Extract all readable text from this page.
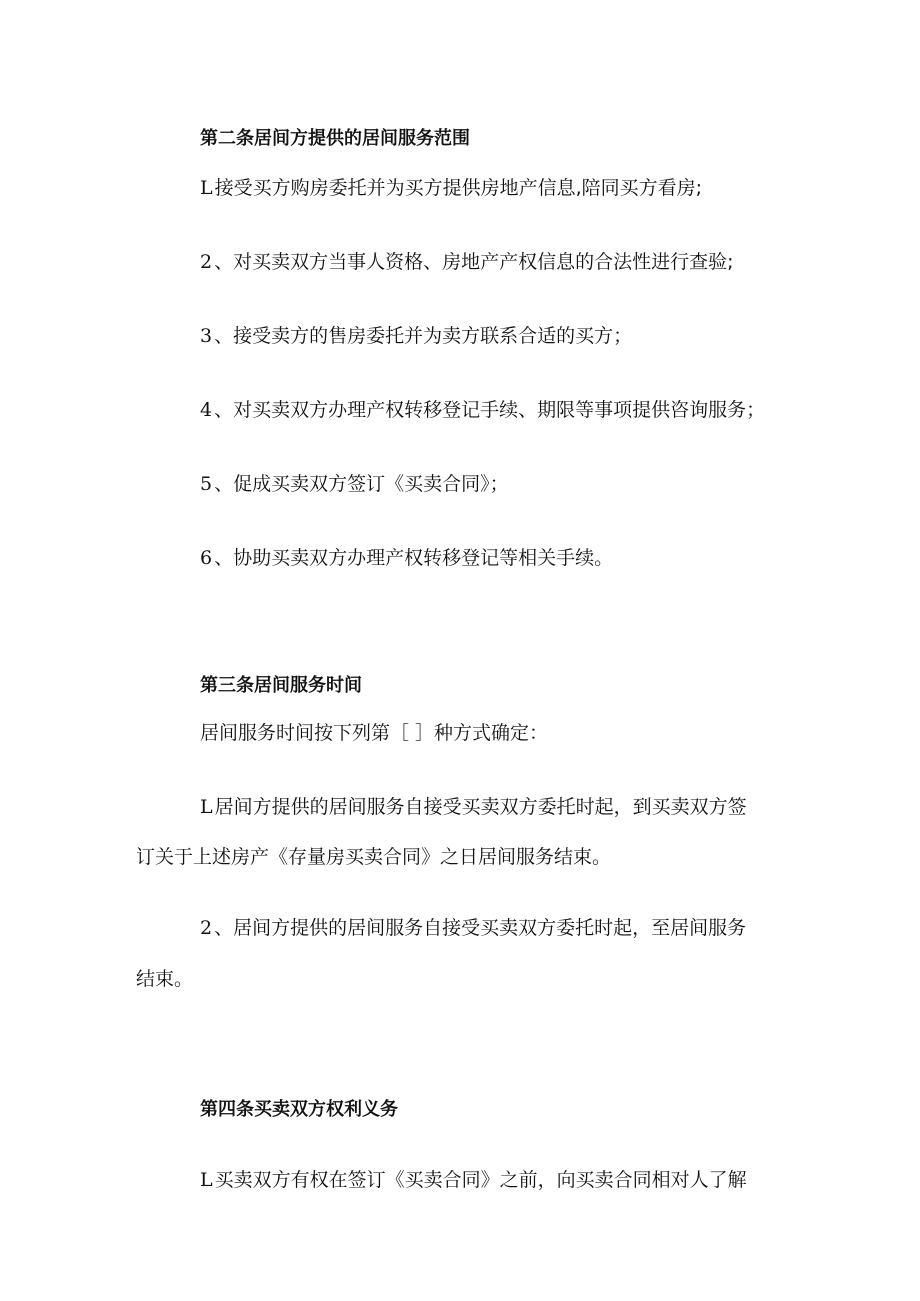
第二条居间方提供的居间服务范围
L 接受买方购房委托并为买方提供房地产信息,陪同买方看房;
2 、对买卖双方当事人资格、房地产产权信息的合法性进行查验;
3 、接受卖方的售房委托并为卖方联系合适的买方；
4 、对买卖双方办理产权转移登记手续、期限等事项提供咨询服务；
5 、促成买卖双方签订《买卖合同》；
6 、协助买卖双方办理产权转移登记等相关手续。
第三条居间服务时间
居间服务时间按下列第［ ］种方式确定：
L 居间方提供的居间服务自接受买卖双方委托时起，到买卖双方签
订关于上述房产《存量房买卖合同》之日居间服务结束。
2 、居间方提供的居间服务自接受买卖双方委托时起，至居间服务
结束。
第四条买卖双方权利义务
L 买卖双方有权在签订《买卖合同》之前，向买卖合同相对人了解
